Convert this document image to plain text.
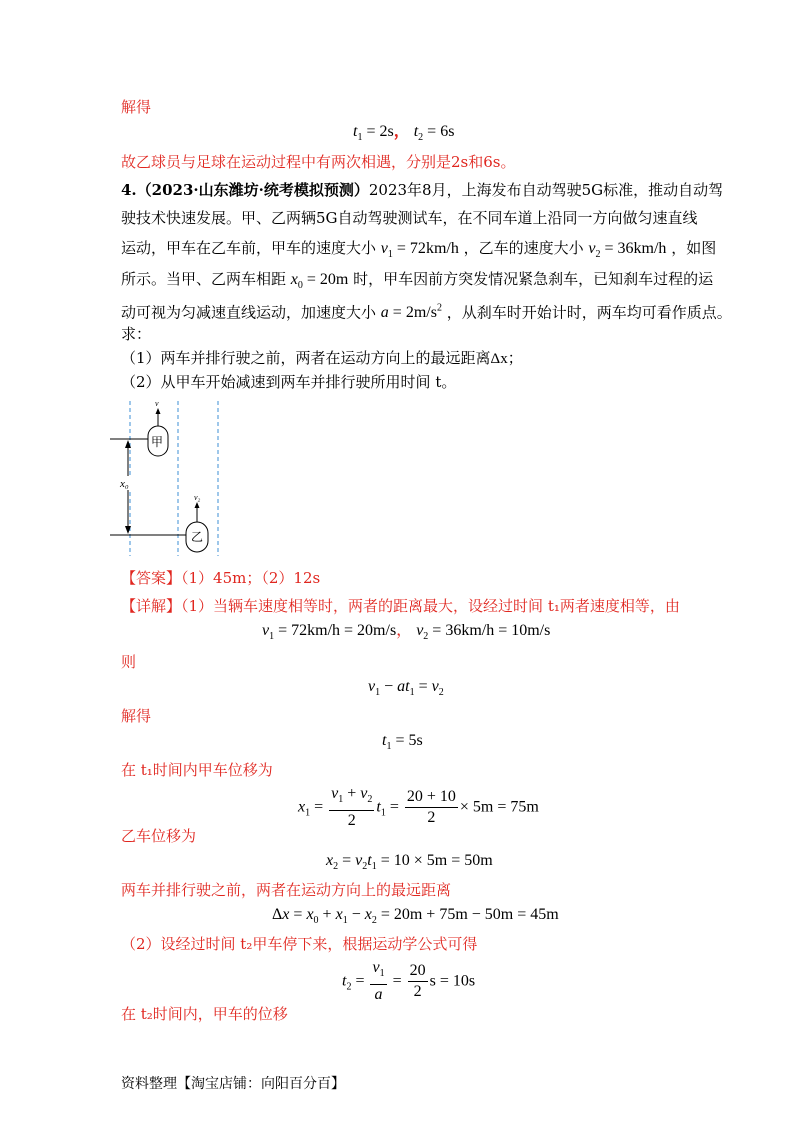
解得
$t_1 = 2s$， $t_2 = 6s$
故乙球员与足球在运动过程中有两次相遇，分别是2s和6s。
4.（2023·山东潍坊·统考模拟预测）2023年8月，上海发布自动驾驶5G标准，推动自动驾
驶技术快速发展。甲、乙两辆5G自动驾驶测试车，在不同车道上沿同一方向做匀速直线
运动，甲车在乙车前，甲车的速度大小 $v_1 = 72km/h$ ，乙车的速度大小 $v_2 = 36km/h$ ，如图
所示。当甲、乙两车相距 $x_0 = 20m$ 时，甲车因前方突发情况紧急刹车，已知刹车过程的运
动可视为匀减速直线运动，加速度大小 $a = 2m/s^2$ ，从刹车时开始计时，两车均可看作质点。
求：
（1）两车并排行驶之前，两者在运动方向上的最远距离Δx；
（2）从甲车开始减速到两车并排行驶所用时间 t。
x₀
甲
v
乙
v₂
【答案】（1）45m；（2）12s
【详解】（1）当辆车速度相等时，两者的距离最大，设经过时间 t₁两者速度相等，由
$v_1 = 72km/h = 20m/s$， $v_2 = 36km/h = 10m/s$
则
$v_1 - at_1 = v_2$
解得
$t_1 = 5s$
在 t₁时间内甲车位移为
$x_1 = \frac{v_1 + v_2}{2} t_1 = \frac{20 + 10}{2} \times 5m = 75m$
乙车位移为
$x_2 = v_2t_1 = 10 \times 5m = 50m$
两车并排行驶之前，两者在运动方向上的最远距离
$\Delta x = x_0 + x_1 - x_2 = 20m + 75m - 50m = 45m$
（2）设经过时间 t₂甲车停下来，根据运动学公式可得
$t_2 = \frac{v_1}{a} = \frac{20}{2}$ s = 10s
在 t₂时间内，甲车的位移
资料整理【淘宝店铺：向阳百分百】
